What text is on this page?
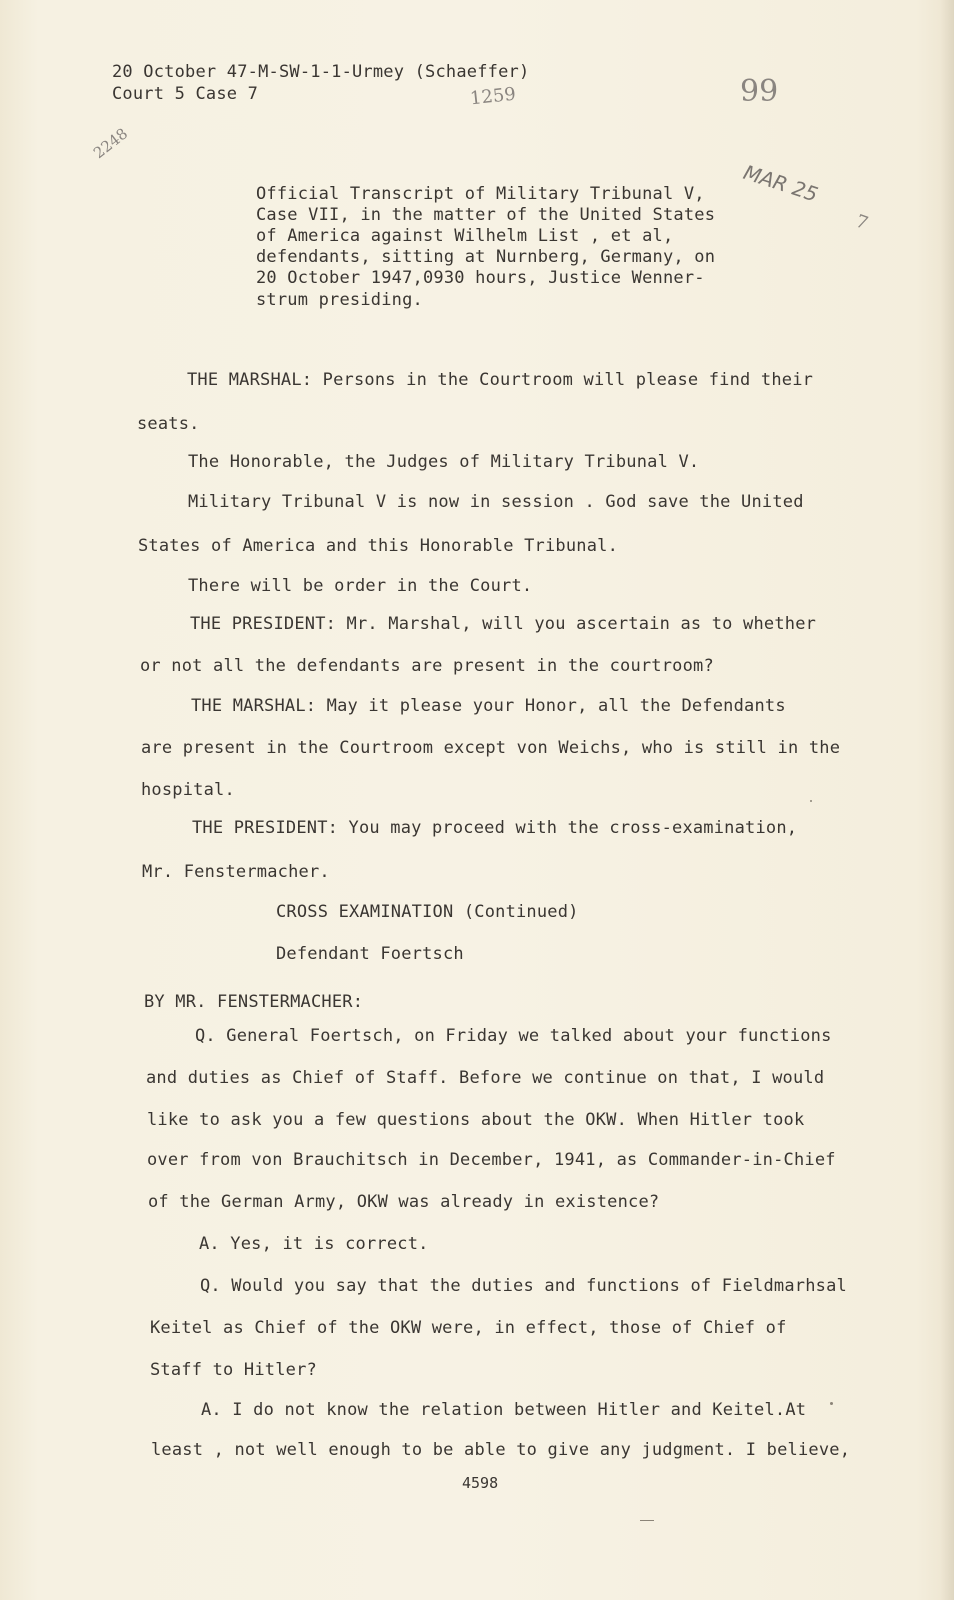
20 October 47-M-SW-1-1-Urmey (Schaeffer)
Court 5 Case 7	99
1259
2248
MAR 25
7
Official Transcript of Military Tribunal V,
Case VII, in the matter of the United States
of America against Wilhelm List , et al,
defendants, sitting at Nurnberg, Germany, on
20 October 1947,0930 hours, Justice Wenner-
strum presiding.
THE MARSHAL: Persons in the Courtroom will please find their
seats.
The Honorable, the Judges of Military Tribunal V.
Military Tribunal V is now in session . God save the United
States of America and this Honorable Tribunal.
There will be order in the Court.
THE PRESIDENT: Mr. Marshal, will you ascertain as to whether
or not all the defendants are present in the courtroom?
THE MARSHAL: May it please your Honor, all the Defendants
are present in the Courtroom except von Weichs, who is still in the
hospital.
THE PRESIDENT: You may proceed with the cross-examination,
Mr. Fenstermacher.
CROSS EXAMINATION (Continued)
Defendant Foertsch
BY MR. FENSTERMACHER:
Q. General Foertsch, on Friday we talked about your functions
and duties as Chief of Staff. Before we continue on that, I would
like to ask you a few questions about the OKW. When Hitler took
over from von Brauchitsch in December, 1941, as Commander-in-Chief
of the German Army, OKW was already in existence?
A. Yes, it is correct.
Q. Would you say that the duties and functions of Fieldmarhsal
Keitel as Chief of the OKW were, in effect, those of Chief of
Staff to Hitler?
A. I do not know the relation between Hitler and Keitel.At
least , not well enough to be able to give any judgment. I believe,
4598
